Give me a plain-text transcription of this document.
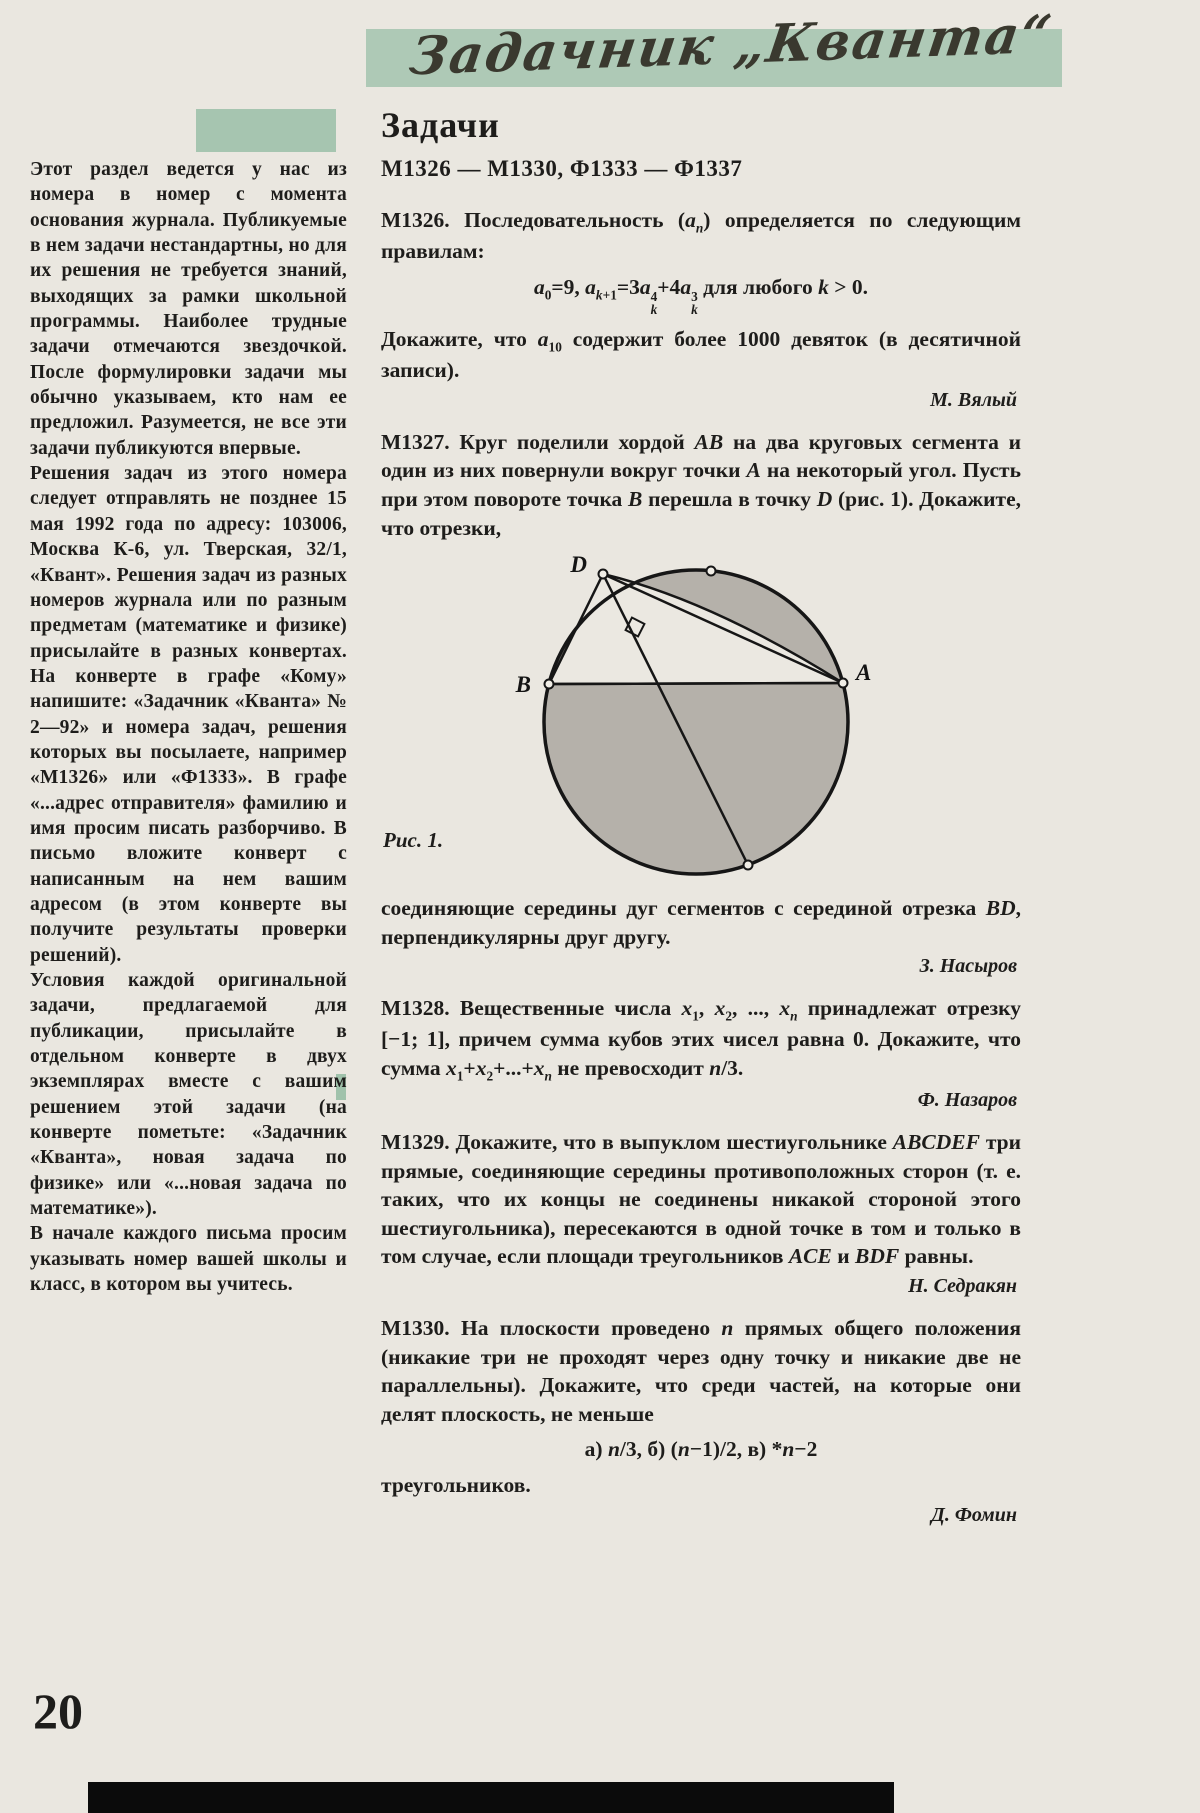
Задачник „Кванта“

Этот раздел ведется у нас из номера в номер с момента основания журнала. Публикуемые в нем задачи нестандартны, но для их решения не требуется знаний, выходящих за рамки школьной программы. Наиболее трудные задачи отмечаются звездочкой. После формулировки задачи мы обычно указываем, кто нам ее предложил. Разумеется, не все эти задачи публикуются впервые.

Решения задач из этого номера следует отправлять не позднее 15 мая 1992 года по адресу: 103006, Москва К-6, ул. Тверская, 32/1, «Квант». Решения задач из разных номеров журнала или по разным предметам (математике и физике) присылайте в разных конвертах. На конверте в графе «Кому» напишите: «Задачник «Кванта» № 2—92» и номера задач, решения которых вы посылаете, например «М1326» или «Ф1333». В графе «...адрес отправителя» фамилию и имя просим писать разборчиво. В письмо вложите конверт с написанным на нем вашим адресом (в этом конверте вы получите результаты проверки решений).

Условия каждой оригинальной задачи, предлагаемой для публикации, присылайте в отдельном конверте в двух экземплярах вместе с вашим решением этой задачи (на конверте пометьте: «Задачник «Кванта», новая задача по физике» или «...новая задача по математике»).

В начале каждого письма просим указывать номер вашей школы и класс, в котором вы учитесь.

Задачи
М1326 — М1330, Ф1333 — Ф1337

М1326. Последовательность $(a_n)$ определяется по следующим правилам:

$a_0=9$, $a_{k+1}=3a$ 4
k
+4a 3
k
для любого k > 0.

Докажите, что $a_{10}$ содержит более 1000 девяток (в десятичной записи).

М. Вялый

М1327. Круг поделили хордой AB на два круговых сегмента и один из них повернули вокруг точки A на некоторый угол. Пусть при этом повороте точка B перешла в точку D (рис. 1). Докажите, что отрезки,

D
B	A
Рис. 1.

соединяющие середины дуг сегментов с серединой отрезка BD, перпендикулярны друг другу.

З. Насыров

М1328. Вещественные числа $x_1$, $x_2$, ..., $x_n$ принадлежат отрезку [−1; 1], причем сумма кубов этих чисел равна 0. Докажите, что сумма $x_1+x_2+...+x_n$ не превосходит n/3.

Ф. Назаров

М1329. Докажите, что в выпуклом шестиугольнике ABCDEF три прямые, соединяющие середины противоположных сторон (т. е. таких, что их концы не соединены никакой стороной этого шестиугольника), пересекаются в одной точке в том и только в том случае, если площади треугольников ACE и BDF равны.

Н. Седракян

М1330. На плоскости проведено n прямых общего положения (никакие три не проходят через одну точку и никакие две не параллельны). Докажите, что среди частей, на которые они делят плоскость, не меньше

а) n/3, б) (n−1)/2, в) *n−2

треугольников.

Д. Фомин
20
